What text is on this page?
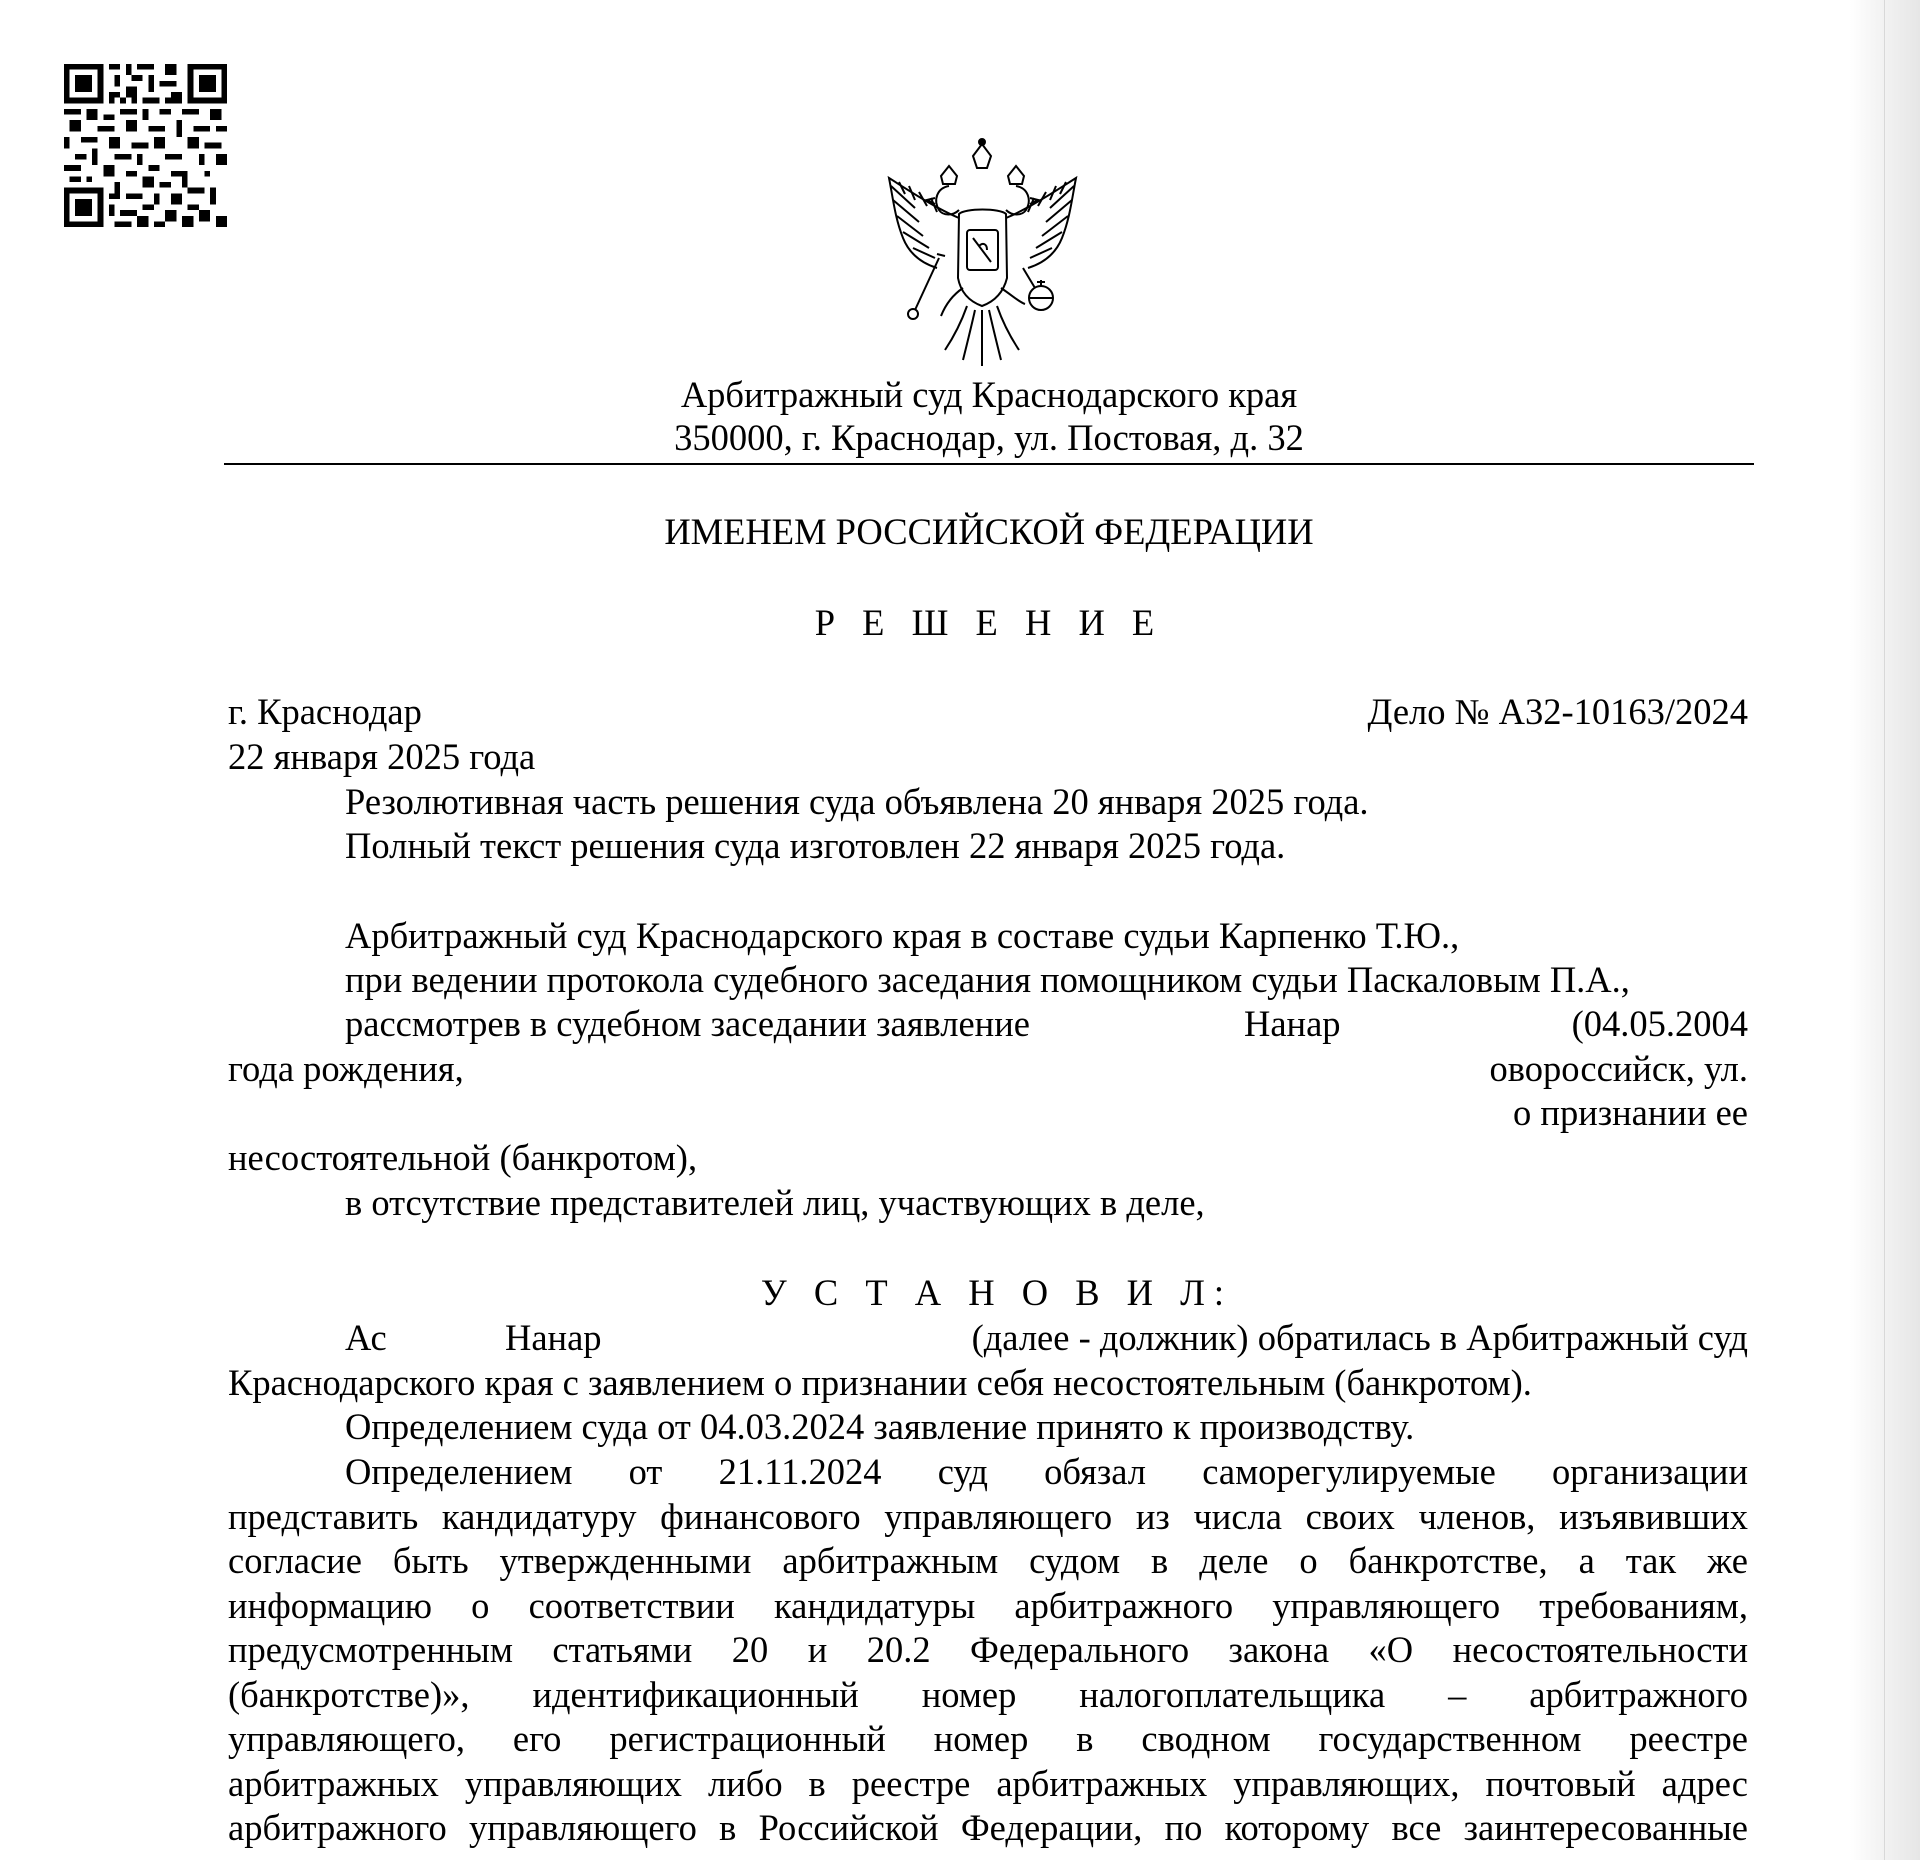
Арбитражный суд Краснодарского края
350000, г. Краснодар, ул. Постовая, д. 32
ИМЕНЕМ РОССИЙСКОЙ ФЕДЕРАЦИИ
Р Е Ш Е Н И Е
г. Краснодар	Дело № А32-10163/2024
22 января 2025 года
Резолютивная часть решения суда объявлена 20 января 2025 года.
Полный текст решения суда изготовлен 22 января 2025 года.
Арбитражный суд Краснодарского края в составе судьи Карпенко Т.Ю.,
при ведении протокола судебного заседания помощником судьи Паскаловым П.А.,
рассмотрев в судебном заседании заявление	Нанар	(04.05.2004
года рождения,	овороссийск, ул.
о признании ее
несостоятельной (банкротом),
в отсутствие представителей лиц, участвующих в деле,
У С Т А Н О В И Л:
Ас	Нанар	(далее - должник) обратилась в Арбитражный суд
Краснодарского края с заявлением о признании себя несостоятельным (банкротом).
Определением суда от 04.03.2024 заявление принято к производству.
Определением от 21.11.2024 суд обязал саморегулируемые организации
представить кандидатуру финансового управляющего из числа своих членов, изъявивших
согласие быть утвержденными арбитражным судом в деле о банкротстве, а так же
информацию о соответствии кандидатуры арбитражного управляющего требованиям,
предусмотренным статьями 20 и 20.2 Федерального закона «О несостоятельности
(банкротстве)», идентификационный номер налогоплательщика – арбитражного
управляющего, его регистрационный номер в сводном государственном реестре
арбитражных управляющих либо в реестре арбитражных управляющих, почтовый адрес
арбитражного управляющего в Российской Федерации, по которому все заинтересованные
